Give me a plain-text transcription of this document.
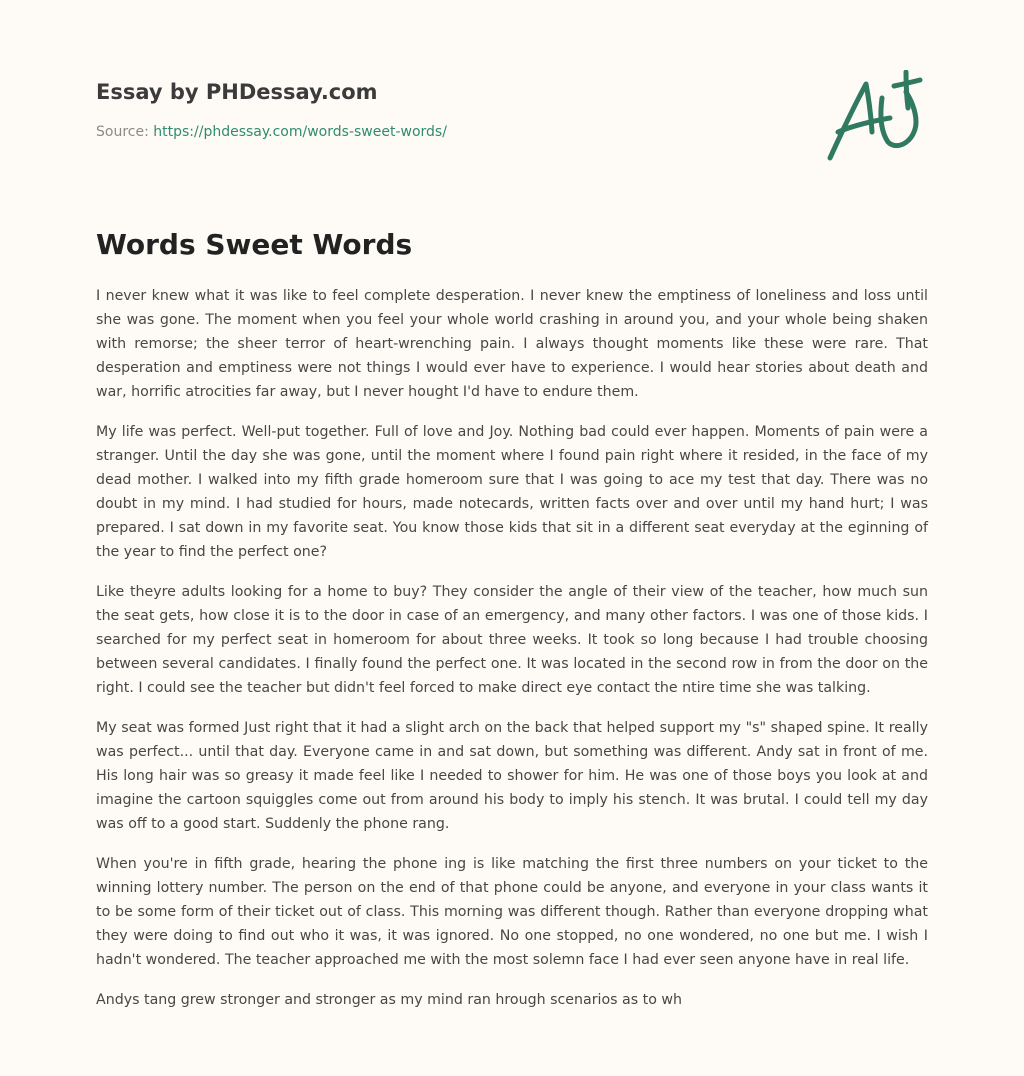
Essay by PHDessay.com
Source: https://phdessay.com/words-sweet-words/
Words Sweet Words

I never knew what it was like to feel complete desperation. I never knew the emptiness of loneliness and loss until she was gone. The moment when you feel your whole world crashing in around you, and your whole being shaken with remorse; the sheer terror of heart-wrenching pain. I always thought moments like these were rare. That desperation and emptiness were not things I would ever have to experience. I would hear stories about death and war, horrific atrocities far away, but I never hought I'd have to endure them.

My life was perfect. Well-put together. Full of love and Joy. Nothing bad could ever happen. Moments of pain were a stranger. Until the day she was gone, until the moment where I found pain right where it resided, in the face of my dead mother. I walked into my fifth grade homeroom sure that I was going to ace my test that day. There was no doubt in my mind. I had studied for hours, made notecards, written facts over and over until my hand hurt; I was prepared. I sat down in my favorite seat. You know those kids that sit in a different seat everyday at the eginning of the year to find the perfect one?

Like theyre adults looking for a home to buy? They consider the angle of their view of the teacher, how much sun the seat gets, how close it is to the door in case of an emergency, and many other factors. I was one of those kids. I searched for my perfect seat in homeroom for about three weeks. It took so long because I had trouble choosing between several candidates. I finally found the perfect one. It was located in the second row in from the door on the right. I could see the teacher but didn't feel forced to make direct eye contact the ntire time she was talking.

My seat was formed Just right that it had a slight arch on the back that helped support my "s" shaped spine. It really was perfect... until that day. Everyone came in and sat down, but something was different. Andy sat in front of me. His long hair was so greasy it made feel like I needed to shower for him. He was one of those boys you look at and imagine the cartoon squiggles come out from around his body to imply his stench. It was brutal. I could tell my day was off to a good start. Suddenly the phone rang.

When you're in fifth grade, hearing the phone ing is like matching the first three numbers on your ticket to the winning lottery number. The person on the end of that phone could be anyone, and everyone in your class wants it to be some form of their ticket out of class. This morning was different though. Rather than everyone dropping what they were doing to find out who it was, it was ignored. No one stopped, no one wondered, no one but me. I wish I hadn't wondered. The teacher approached me with the most solemn face I had ever seen anyone have in real life.

Andys tang grew stronger and stronger as my mind ran hrough scenarios as to wh
